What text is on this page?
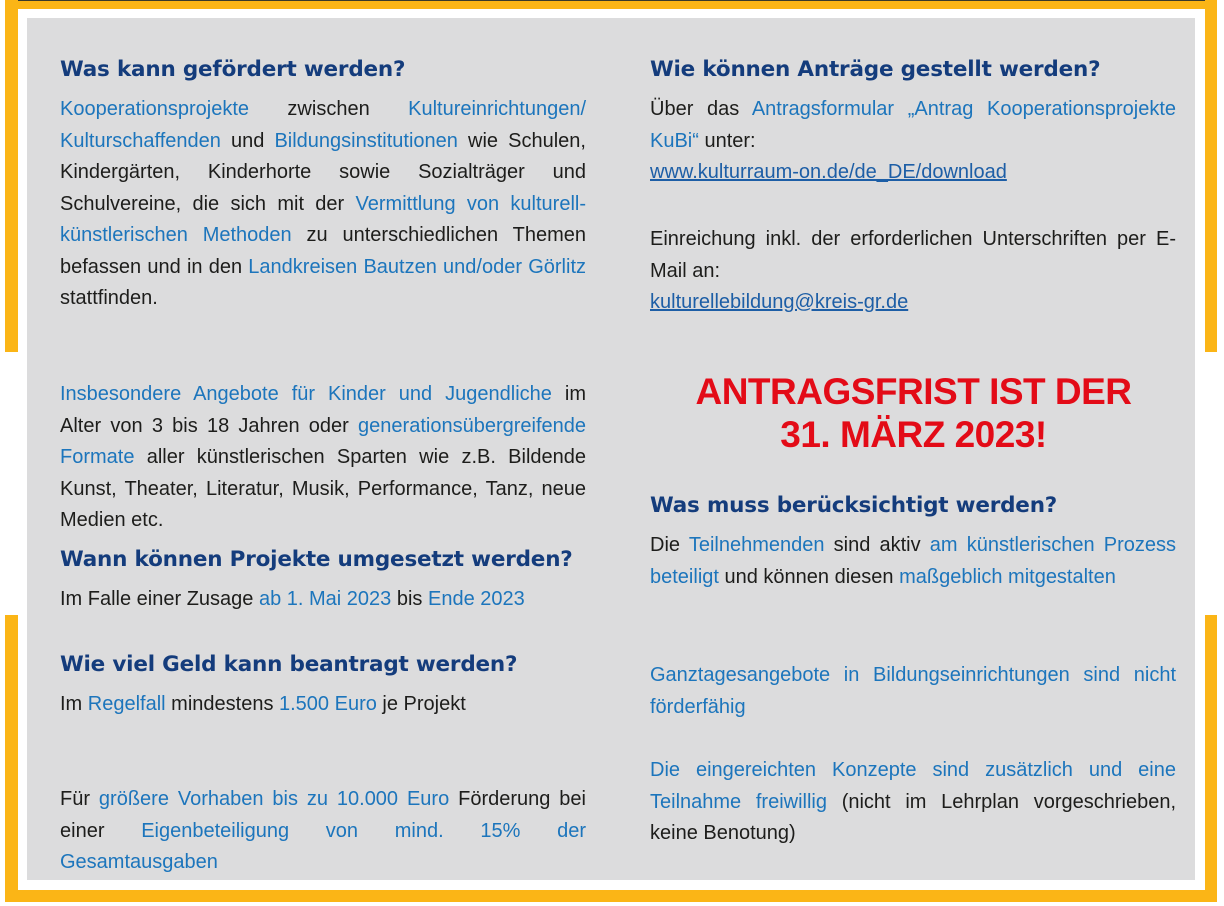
Was kann gefördert werden?

Kooperationsprojekte zwischen Kultureinrichtungen/ Kulturschaffenden und Bildungsinstitutionen wie Schulen, Kindergärten, Kinderhorte sowie Sozialträger und Schulvereine, die sich mit der Vermittlung von kulturell-künstlerischen Methoden zu unterschiedlichen Themen befassen und in den Landkreisen Bautzen und/oder Görlitz stattfinden.

Insbesondere Angebote für Kinder und Jugendliche im Alter von 3 bis 18 Jahren oder generationsübergreifende Formate aller künstlerischen Sparten wie z.B. Bildende Kunst, Theater, Literatur, Musik, Performance, Tanz, neue Medien etc.

Wann können Projekte umgesetzt werden?

Im Falle einer Zusage ab 1. Mai 2023 bis Ende 2023

Wie viel Geld kann beantragt werden?

Im Regelfall mindestens 1.500 Euro je Projekt

Für größere Vorhaben bis zu 10.000 Euro Förderung bei einer Eigenbeteiligung von mind. 15% der Gesamtausgaben

Wie können Anträge gestellt werden?

Über das Antragsformular „Antrag Kooperationsprojekte KuBi“ unter:
www.kulturraum-on.de/de_DE/download

Einreichung inkl. der erforderlichen Unterschriften per E-Mail an:
kulturellebildung@kreis-gr.de

Was muss berücksichtigt werden?

Die Teilnehmenden sind aktiv am künstlerischen Prozess beteiligt und können diesen maßgeblich mitgestalten

Ganztagesangebote in Bildungseinrichtungen sind nicht förderfähig

Die eingereichten Konzepte sind zusätzlich und eine Teilnahme freiwillig (nicht im Lehrplan vorgeschrieben, keine Benotung)

ANTRAGSFRIST IST DER
31. MÄRZ 2023!
